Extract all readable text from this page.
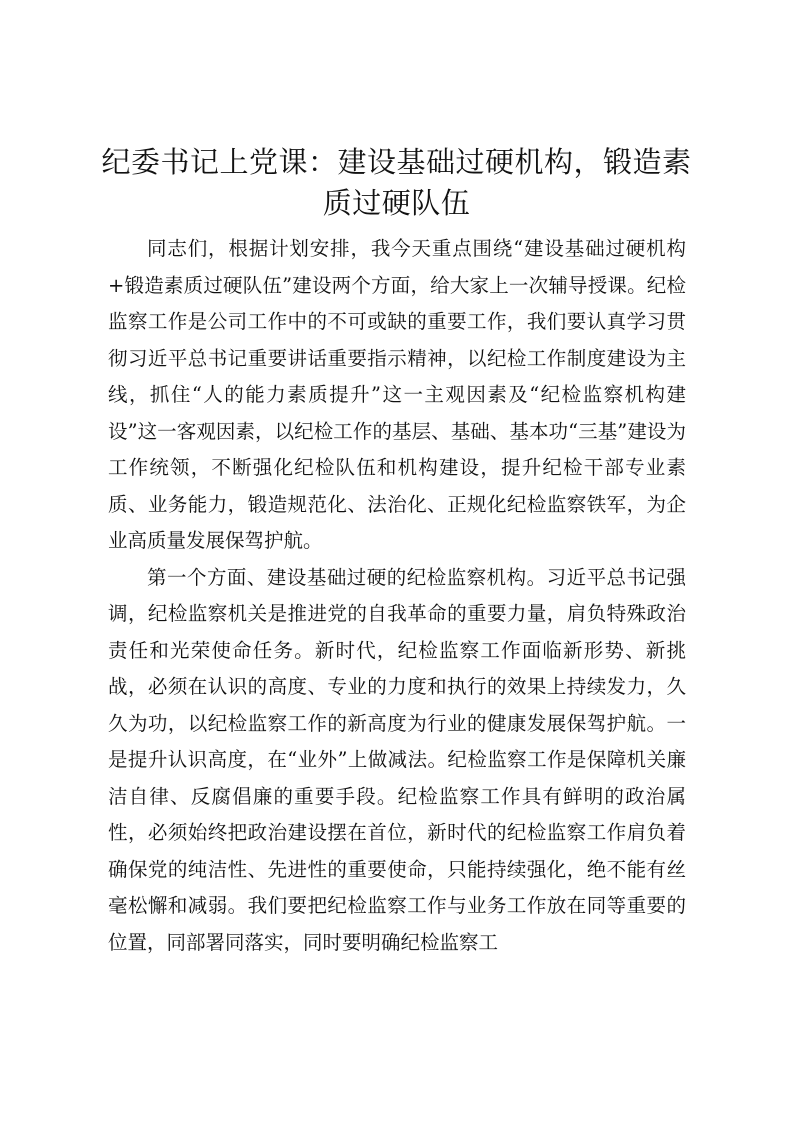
纪委书记上党课：建设基础过硬机构，锻造素质过硬队伍

同志们，根据计划安排，我今天重点围绕“建设基础过硬机构+锻造素质过硬队伍”建设两个方面，给大家上一次辅导授课。纪检监察工作是公司工作中的不可或缺的重要工作，我们要认真学习贯彻习近平总书记重要讲话重要指示精神，以纪检工作制度建设为主线，抓住“人的能力素质提升”这一主观因素及“纪检监察机构建设”这一客观因素，以纪检工作的基层、基础、基本功“三基”建设为工作统领，不断强化纪检队伍和机构建设，提升纪检干部专业素质、业务能力，锻造规范化、法治化、正规化纪检监察铁军，为企业高质量发展保驾护航。

第一个方面、建设基础过硬的纪检监察机构。习近平总书记强调，纪检监察机关是推进党的自我革命的重要力量，肩负特殊政治责任和光荣使命任务。新时代，纪检监察工作面临新形势、新挑战，必须在认识的高度、专业的力度和执行的效果上持续发力，久久为功，以纪检监察工作的新高度为行业的健康发展保驾护航。一是提升认识高度，在“业外”上做减法。纪检监察工作是保障机关廉洁自律、反腐倡廉的重要手段。纪检监察工作具有鲜明的政治属性，必须始终把政治建设摆在首位，新时代的纪检监察工作肩负着确保党的纯洁性、先进性的重要使命，只能持续强化，绝不能有丝毫松懈和减弱。我们要把纪检监察工作与业务工作放在同等重要的位置，同部署同落实，同时要明确纪检监察工
